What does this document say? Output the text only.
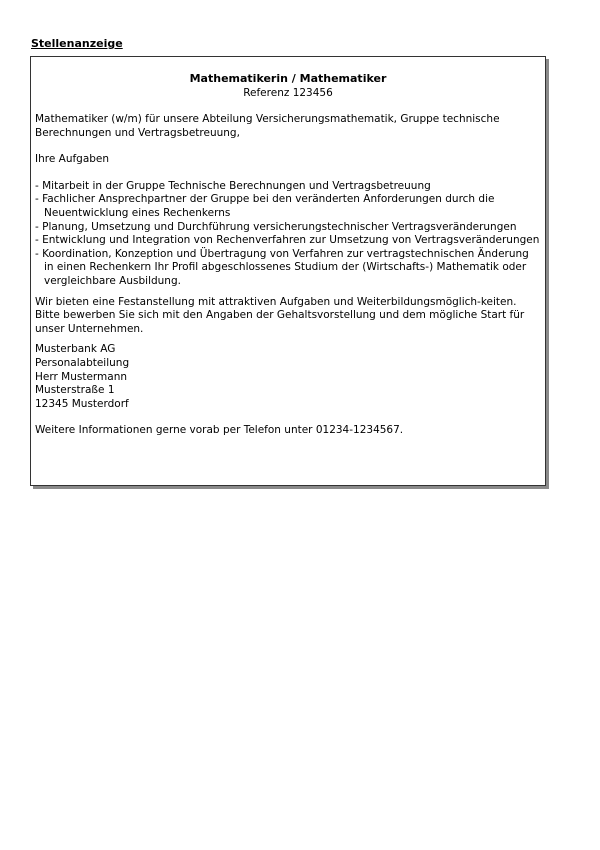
Stellenanzeige
Mathematikerin / Mathematiker
Referenz 123456
Mathematiker (w/m) für unsere Abteilung Versicherungsmathematik, Gruppe technische Berechnungen und Vertragsbetreuung,
Ihre Aufgaben
- Mitarbeit in der Gruppe Technische Berechnungen und Vertragsbetreuung
- Fachlicher Ansprechpartner der Gruppe bei den veränderten Anforderungen durch die Neuentwicklung eines Rechenkerns
- Planung, Umsetzung und Durchführung versicherungstechnischer Vertragsveränderungen
- Entwicklung und Integration von Rechenverfahren zur Umsetzung von Vertragsveränderungen
- Koordination, Konzeption und Übertragung von Verfahren zur vertragstechnischen Änderung in einen Rechenkern Ihr Profil abgeschlossenes Studium der (Wirtschafts-) Mathematik oder vergleichbare Ausbildung.
Wir bieten eine Festanstellung mit attraktiven Aufgaben und Weiterbildungsmöglich-keiten. Bitte bewerben Sie sich mit den Angaben der Gehaltsvorstellung und dem mögliche Start für unser Unternehmen.
Musterbank AG
Personalabteilung
Herr Mustermann
Musterstraße 1
12345 Musterdorf
Weitere Informationen gerne vorab per Telefon unter 01234-1234567.
